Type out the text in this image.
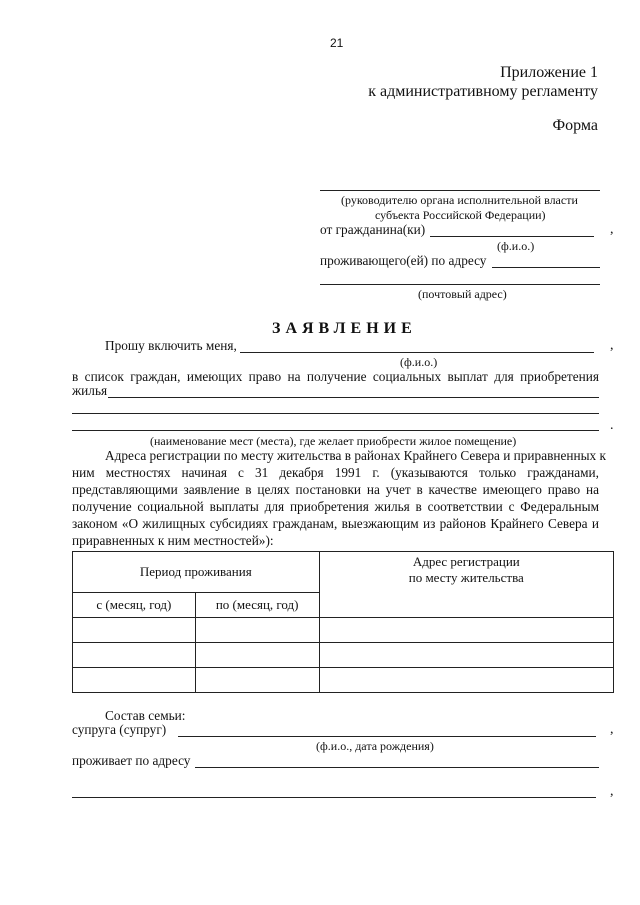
21
Приложение 1
к административному регламенту
Форма
(руководителю органа исполнительной власти
субъекта Российской Федерации)
от гражданина(ки)	,
(ф.и.о.)
проживающего(ей) по адресу
(почтовый адрес)
ЗАЯВЛЕНИЕ
Прошу включить меня,	,
(ф.и.о.)
в список граждан, имеющих право на получение социальных выплат для приобретения
жилья
.
(наименование мест (места), где желает приобрести жилое помещение)
Адреса регистрации по месту жительства в районах Крайнего Севера и приравненных к
ним местностях начиная с 31 декабря 1991 г. (указываются только гражданами,
представляющими заявление в целях постановки на учет в качестве имеющего право на
получение социальной выплаты для приобретения жилья в соответствии с Федеральным
законом «О жилищных субсидиях гражданам, выезжающим из районов Крайнего Севера и
приравненных к ним местностей»):
Период проживания		Адрес регистрации
по месту жительства

с (месяц, год)	по (месяц, год)	

Состав семьи:
супруга (супруг)	,
(ф.и.о., дата рождения)
проживает по адресу
,
